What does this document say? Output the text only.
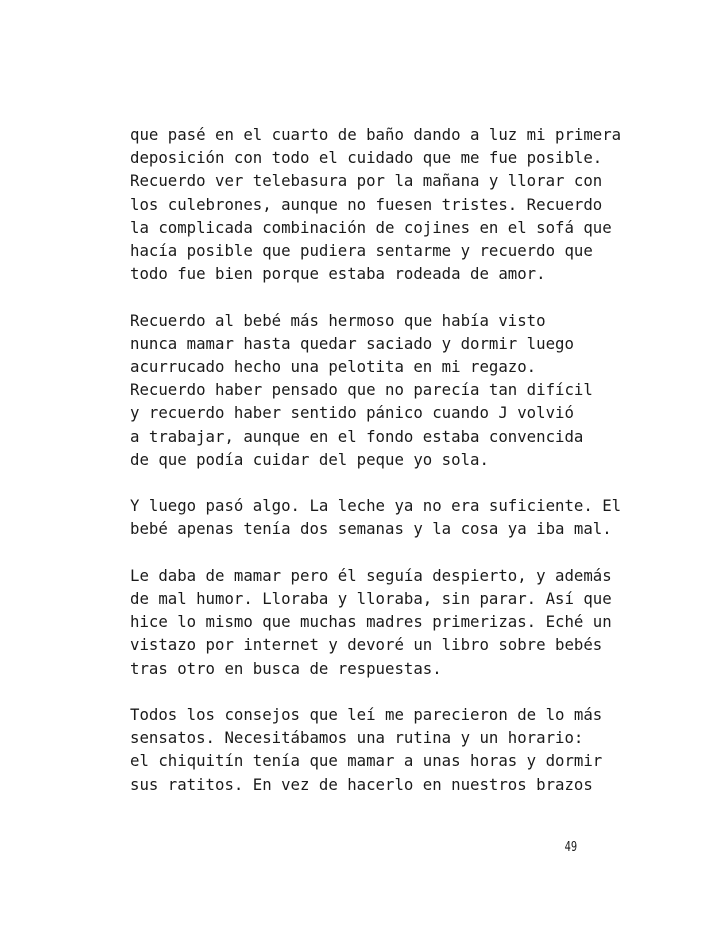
que pasé en el cuarto de baño dando a luz mi primera

deposición con todo el cuidado que me fue posible.

Recuerdo ver telebasura por la mañana y llorar con

los culebrones, aunque no fuesen tristes. Recuerdo

la complicada combinación de cojines en el sofá que

hacía posible que pudiera sentarme y recuerdo que

todo fue bien porque estaba rodeada de amor.

Recuerdo al bebé más hermoso que había visto

nunca mamar hasta quedar saciado y dormir luego

acurrucado hecho una pelotita en mi regazo.

Recuerdo haber pensado que no parecía tan difícil

y recuerdo haber sentido pánico cuando J volvió

a trabajar, aunque en el fondo estaba convencida

de que podía cuidar del peque yo sola.

Y luego pasó algo. La leche ya no era suficiente. El

bebé apenas tenía dos semanas y la cosa ya iba mal.

Le daba de mamar pero él seguía despierto, y además

de mal humor. Lloraba y lloraba, sin parar. Así que

hice lo mismo que muchas madres primerizas. Eché un

vistazo por internet y devoré un libro sobre bebés

tras otro en busca de respuestas.

Todos los consejos que leí me parecieron de lo más

sensatos. Necesitábamos una rutina y un horario:

el chiquitín tenía que mamar a unas horas y dormir

sus ratitos. En vez de hacerlo en nuestros brazos

49
